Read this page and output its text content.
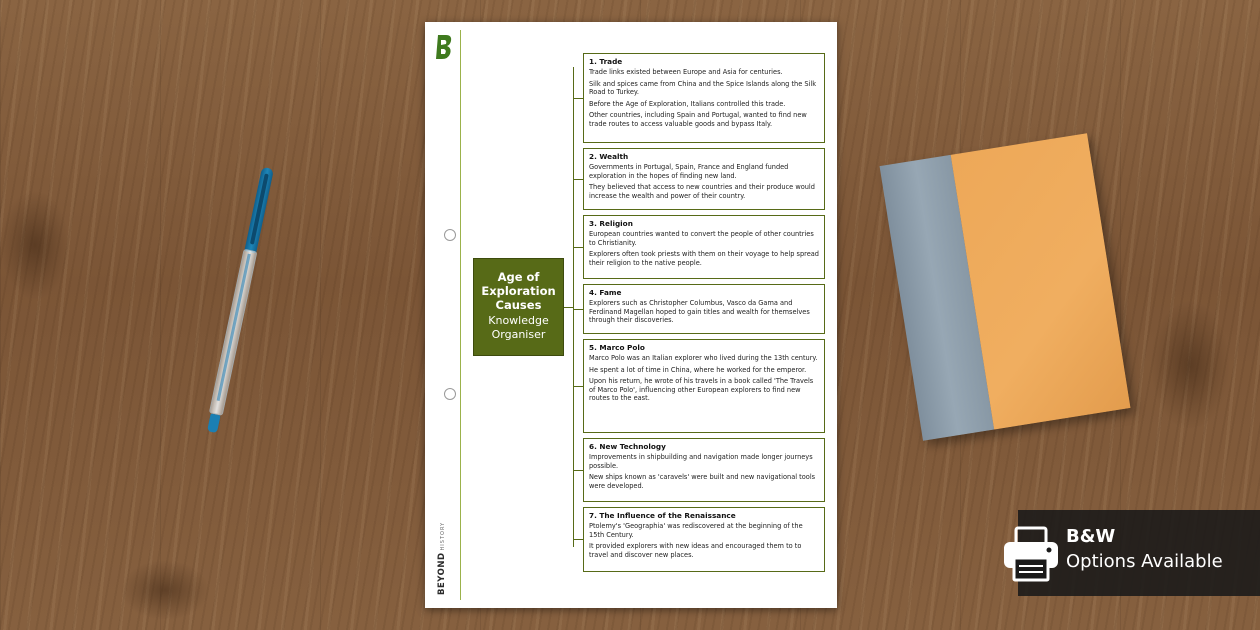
BEYONDHISTORY
Age of Exploration Causes
Knowledge Organiser
1. Trade
Trade links existed between Europe and Asia for centuries.
Silk and spices came from China and the Spice Islands along the Silk Road to Turkey.
Before the Age of Exploration, Italians controlled this trade.
Other countries, including Spain and Portugal, wanted to find new trade routes to access valuable goods and bypass Italy.
2. Wealth
Governments in Portugal, Spain, France and England funded exploration in the hopes of finding new land.
They believed that access to new countries and their produce would increase the wealth and power of their country.
3. Religion
European countries wanted to convert the people of other countries to Christianity.
Explorers often took priests with them on their voyage to help spread their religion to the native people.
4. Fame
Explorers such as Christopher Columbus, Vasco da Gama and Ferdinand Magellan hoped to gain titles and wealth for themselves through their discoveries.
5. Marco Polo
Marco Polo was an Italian explorer who lived during the 13th century.
He spent a lot of time in China, where he worked for the emperor.
Upon his return, he wrote of his travels in a book called 'The Travels of Marco Polo', influencing other European explorers to find new routes to the east.
6. New Technology
Improvements in shipbuilding and navigation made longer journeys possible.
New ships known as 'caravels' were built and new navigational tools were developed.
7. The Influence of the Renaissance
Ptolemy's 'Geographia' was rediscovered at the beginning of the 15th Century.
It provided explorers with new ideas and encouraged them to to travel and discover new places.
B&W
Options Available
